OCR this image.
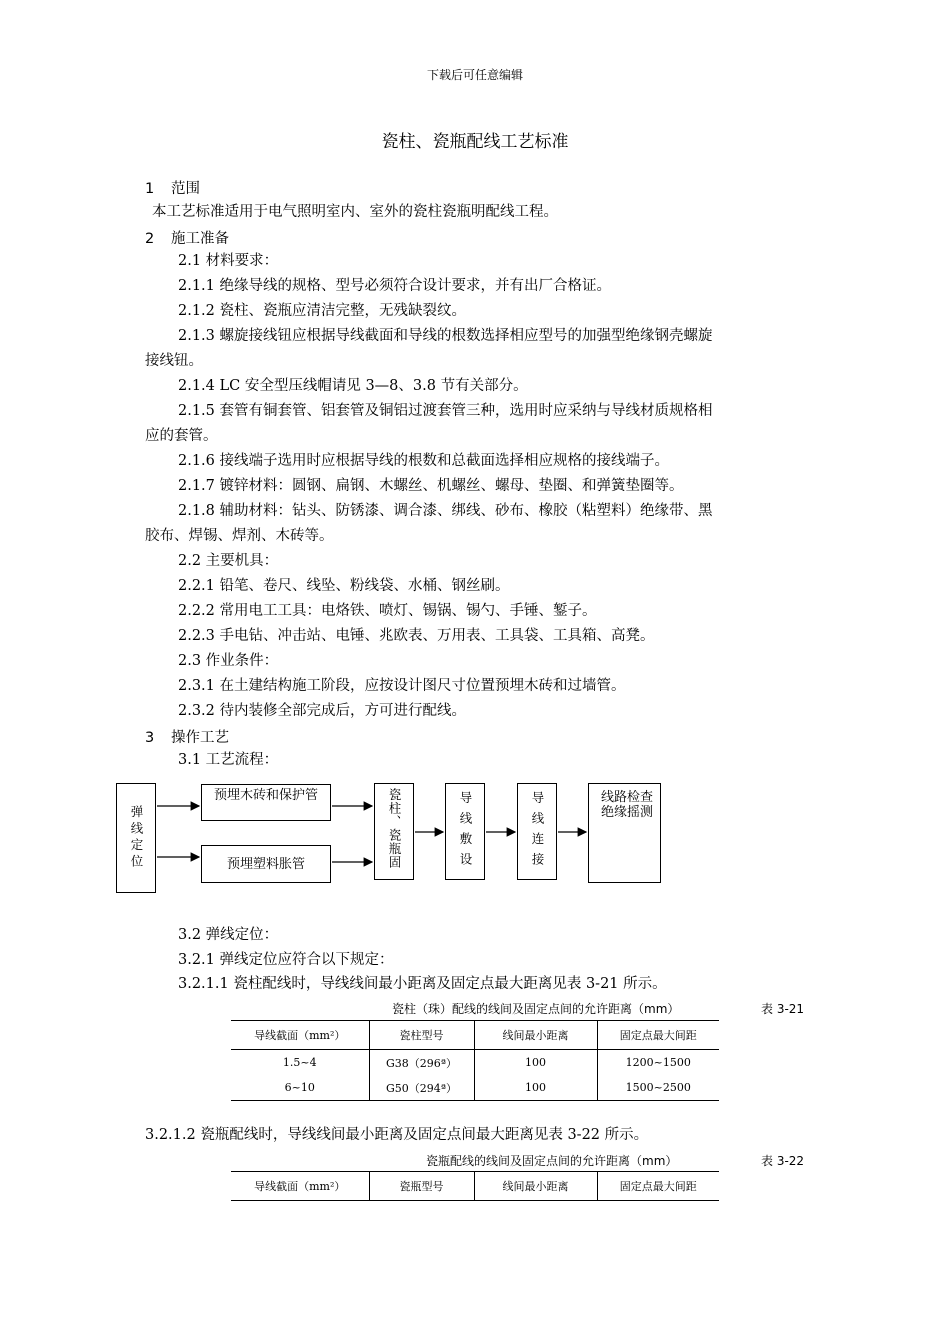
下载后可任意编辑
瓷柱、瓷瓶配线工艺标准
1 范围
本工艺标准适用于电气照明室内、室外的瓷柱瓷瓶明配线工程。
2 施工准备
2.1 材料要求：
2.1.1 绝缘导线的规格、型号必须符合设计要求，并有出厂合格证。
2.1.2 瓷柱、瓷瓶应清洁完整，无残缺裂纹。
2.1.3 螺旋接线钮应根据导线截面和导线的根数选择相应型号的加强型绝缘钢壳螺旋
接线钮。
2.1.4 LC 安全型压线帽请见 3—8、3.8 节有关部分。
2.1.5 套管有铜套管、铝套管及铜铝过渡套管三种，选用时应采纳与导线材质规格相
应的套管。
2.1.6 接线端子选用时应根据导线的根数和总截面选择相应规格的接线端子。
2.1.7 镀锌材料：圆钢、扁钢、木螺丝、机螺丝、螺母、垫圈、和弹簧垫圈等。
2.1.8 辅助材料：钻头、防锈漆、调合漆、绑线、砂布、橡胶（粘塑料）绝缘带、黑
胶布、焊锡、焊剂、木砖等。
2.2 主要机具：
2.2.1 铅笔、卷尺、线坠、粉线袋、水桶、钢丝刷。
2.2.2 常用电工工具：电烙铁、喷灯、锡锅、锡勺、手锤、錾子。
2.2.3 手电钻、冲击站、电锤、兆欧表、万用表、工具袋、工具箱、高凳。
2.3 作业条件：
2.3.1 在土建结构施工阶段，应按设计图尺寸位置预埋木砖和过墙管。
2.3.2 待内装修全部完成后，方可进行配线。
3 操作工艺
3.1 工艺流程：
弹线定位
预埋木砖和保护管
预埋塑料胀管	瓷柱、瓷瓶固	导线敷设	导线连接	线路检查绝缘摇测
3.2 弹线定位：
3.2.1 弹线定位应符合以下规定：
3.2.1.1 瓷柱配线时，导线线间最小距离及固定点最大距离见表 3-21 所示。
瓷柱（珠）配线的线间及固定点间的允许距离（mm）	表 3-21
导线截面（mm²）	瓷柱型号	线间最小距离	固定点最大间距
1.5~4	G38（296ª）	100	1200~1500
6~10	G50（294ª）	100	1500~2500
3.2.1.2 瓷瓶配线时，导线线间最小距离及固定点间最大距离见表 3-22 所示。
瓷瓶配线的线间及固定点间的允许距离（mm）	表 3-22
导线截面（mm²）	瓷瓶型号	线间最小距离	固定点最大间距
